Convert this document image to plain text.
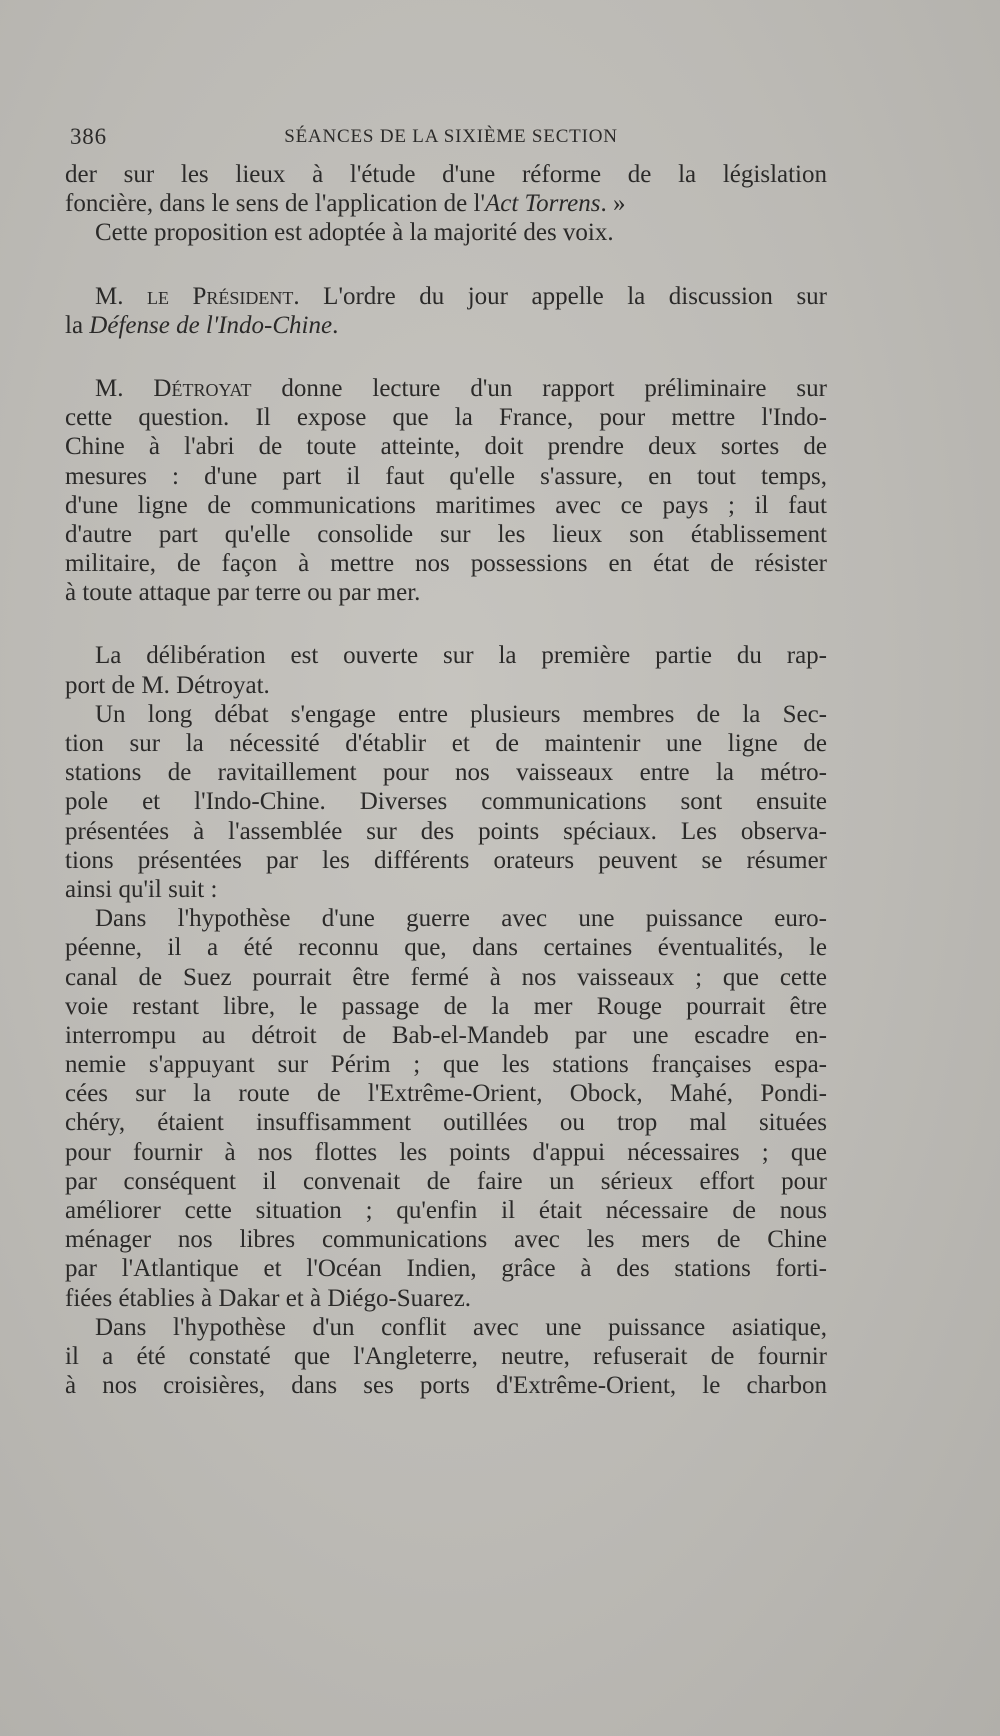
386	SÉANCES DE LA SIXIÈME SECTION
der sur les lieux à l'étude d'une réforme de la législation
foncière, dans le sens de l'application de l'Act Torrens. »
Cette proposition est adoptée à la majorité des voix.
M. le Président. L'ordre du jour appelle la discussion sur
la Défense de l'Indo-Chine.
M. Détroyat donne lecture d'un rapport préliminaire sur
cette question. Il expose que la France, pour mettre l'Indo-
Chine à l'abri de toute atteinte, doit prendre deux sortes de
mesures : d'une part il faut qu'elle s'assure, en tout temps,
d'une ligne de communications maritimes avec ce pays ; il faut
d'autre part qu'elle consolide sur les lieux son établissement
militaire, de façon à mettre nos possessions en état de résister
à toute attaque par terre ou par mer.
La délibération est ouverte sur la première partie du rap-
port de M. Détroyat.
Un long débat s'engage entre plusieurs membres de la Sec-
tion sur la nécessité d'établir et de maintenir une ligne de
stations de ravitaillement pour nos vaisseaux entre la métro-
pole et l'Indo-Chine. Diverses communications sont ensuite
présentées à l'assemblée sur des points spéciaux. Les observa-
tions présentées par les différents orateurs peuvent se résumer
ainsi qu'il suit :
Dans l'hypothèse d'une guerre avec une puissance euro-
péenne, il a été reconnu que, dans certaines éventualités, le
canal de Suez pourrait être fermé à nos vaisseaux ; que cette
voie restant libre, le passage de la mer Rouge pourrait être
interrompu au détroit de Bab-el-Mandeb par une escadre en-
nemie s'appuyant sur Périm ; que les stations françaises espa-
cées sur la route de l'Extrême-Orient, Obock, Mahé, Pondi-
chéry, étaient insuffisamment outillées ou trop mal situées
pour fournir à nos flottes les points d'appui nécessaires ; que
par conséquent il convenait de faire un sérieux effort pour
améliorer cette situation ; qu'enfin il était nécessaire de nous
ménager nos libres communications avec les mers de Chine
par l'Atlantique et l'Océan Indien, grâce à des stations forti-
fiées établies à Dakar et à Diégo-Suarez.
Dans l'hypothèse d'un conflit avec une puissance asiatique,
il a été constaté que l'Angleterre, neutre, refuserait de fournir
à nos croisières, dans ses ports d'Extrême-Orient, le charbon
